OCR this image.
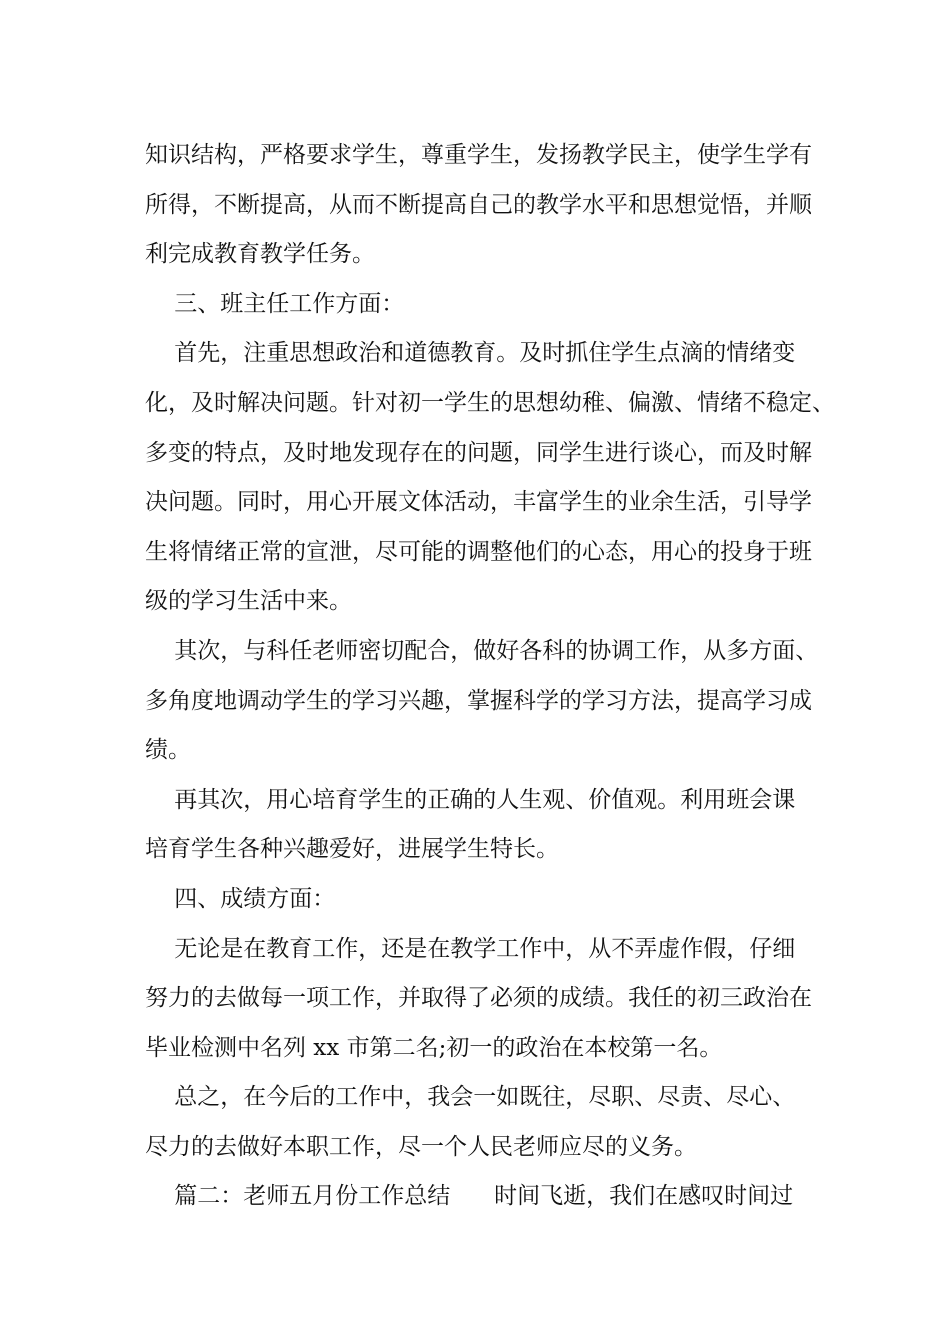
知识结构，严格要求学生，尊重学生，发扬教学民主，使学生学有
所得，不断提高，从而不断提高自己的教学水平和思想觉悟，并顺
利完成教育教学任务。
三、班主任工作方面：
首先，注重思想政治和道德教育。及时抓住学生点滴的情绪变
化，及时解决问题。针对初一学生的思想幼稚、偏激、情绪不稳定、
多变的特点，及时地发现存在的问题，同学生进行谈心，而及时解
决问题。同时，用心开展文体活动，丰富学生的业余生活，引导学
生将情绪正常的宣泄，尽可能的调整他们的心态，用心的投身于班
级的学习生活中来。
其次，与科任老师密切配合，做好各科的协调工作，从多方面、
多角度地调动学生的学习兴趣，掌握科学的学习方法，提高学习成
绩。
再其次，用心培育学生的正确的人生观、价值观。利用班会课
培育学生各种兴趣爱好，进展学生特长。
四、成绩方面：
无论是在教育工作，还是在教学工作中，从不弄虚作假，仔细
努力的去做每一项工作，并取得了必须的成绩。我任的初三政治在
毕业检测中名列 xx 市第二名;初一的政治在本校第一名。
总之，在今后的工作中，我会一如既往，尽职、尽责、尽心、
尽力的去做好本职工作，尽一个人民老师应尽的义务。
篇二：老师五月份工作总结      时间飞逝，我们在感叹时间过
